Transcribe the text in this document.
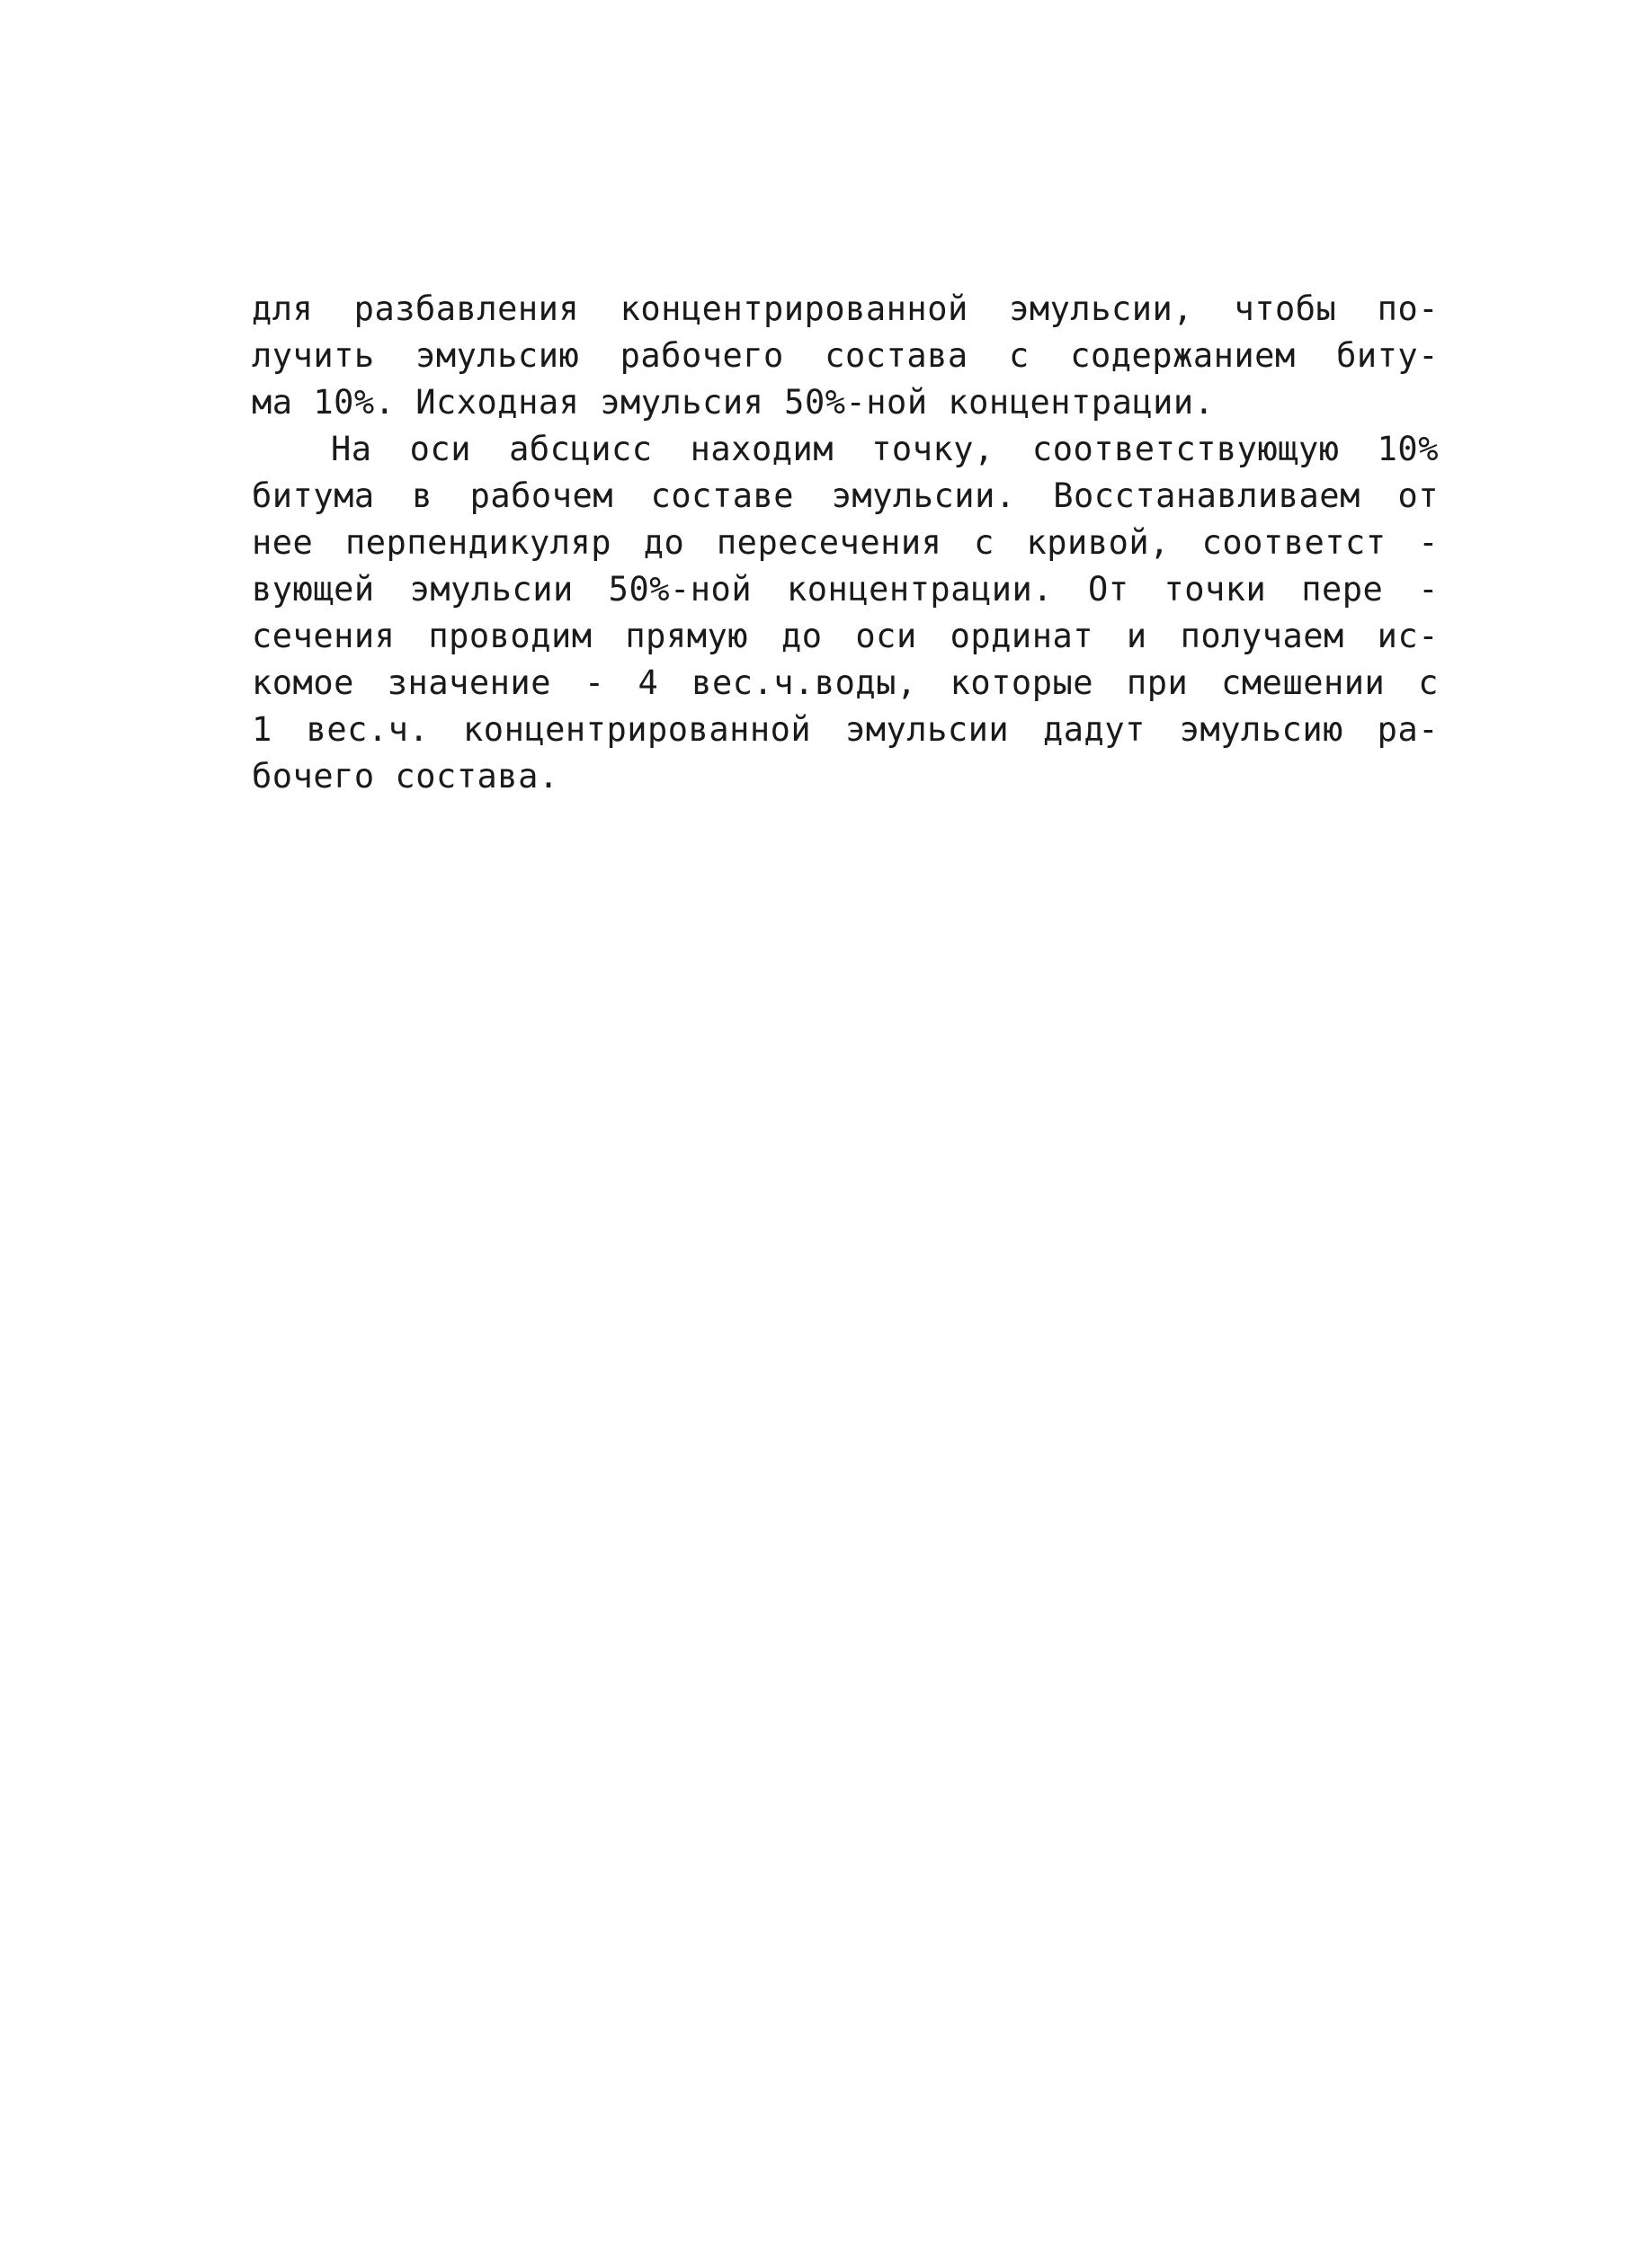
для разбавления концентрированной эмульсии, чтобы по-
лучить эмульсию рабочего состава с содержанием биту-
ма 10%. Исходная эмульсия 50%-ной концентрации.
На оси абсцисс находим точку, соответствующую 10%
битума в рабочем составе эмульсии. Восстанавливаем от
нее перпендикуляр до пересечения с кривой, соответст -
вующей эмульсии 50%-ной концентрации. От точки пере -
сечения проводим прямую до оси ординат и получаем ис-
комое значение - 4 вес.ч.воды, которые при смешении с
1 вес.ч. концентрированной эмульсии дадут эмульсию ра-
бочего состава.
